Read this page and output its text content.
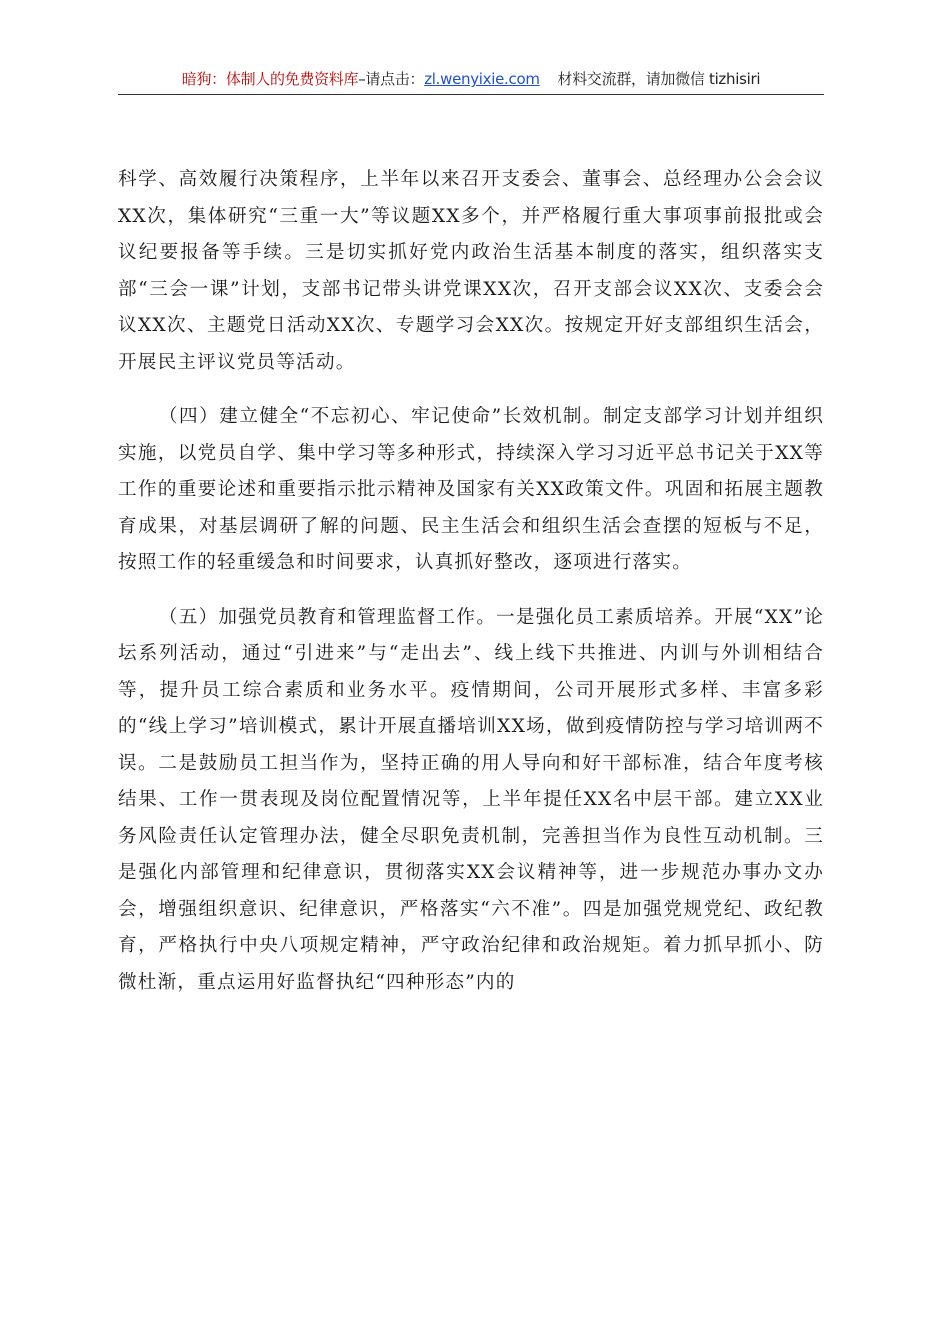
暗狗：体制人的免费资料库–请点击：zl.wenyixie.com 材料交流群，请加微信 tizhisiri

科学、高效履行决策程序，上半年以来召开支委会、董事会、总经理办公会会议XX次，集体研究“三重一大”等议题XX多个，并严格履行重大事项事前报批或会议纪要报备等手续。三是切实抓好党内政治生活基本制度的落实，组织落实支部“三会一课”计划，支部书记带头讲党课XX次，召开支部会议XX次、支委会会议XX次、主题党日活动XX次、专题学习会XX次。按规定开好支部组织生活会，开展民主评议党员等活动。

（四）建立健全“不忘初心、牢记使命”长效机制。制定支部学习计划并组织实施，以党员自学、集中学习等多种形式，持续深入学习习近平总书记关于XX等工作的重要论述和重要指示批示精神及国家有关XX政策文件。巩固和拓展主题教育成果，对基层调研了解的问题、民主生活会和组织生活会查摆的短板与不足，按照工作的轻重缓急和时间要求，认真抓好整改，逐项进行落实。

（五）加强党员教育和管理监督工作。一是强化员工素质培养。开展“XX”论坛系列活动，通过“引进来”与“走出去”、线上线下共推进、内训与外训相结合等，提升员工综合素质和业务水平。疫情期间，公司开展形式多样、丰富多彩的“线上学习”培训模式，累计开展直播培训XX场，做到疫情防控与学习培训两不误。二是鼓励员工担当作为，坚持正确的用人导向和好干部标准，结合年度考核结果、工作一贯表现及岗位配置情况等，上半年提任XX名中层干部。建立XX业务风险责任认定管理办法，健全尽职免责机制，完善担当作为良性互动机制。三是强化内部管理和纪律意识，贯彻落实XX会议精神等，进一步规范办事办文办会，增强组织意识、纪律意识，严格落实“六不准”。四是加强党规党纪、政纪教育，严格执行中央八项规定精神，严守政治纪律和政治规矩。着力抓早抓小、防微杜渐，重点运用好监督执纪“四种形态”内的
